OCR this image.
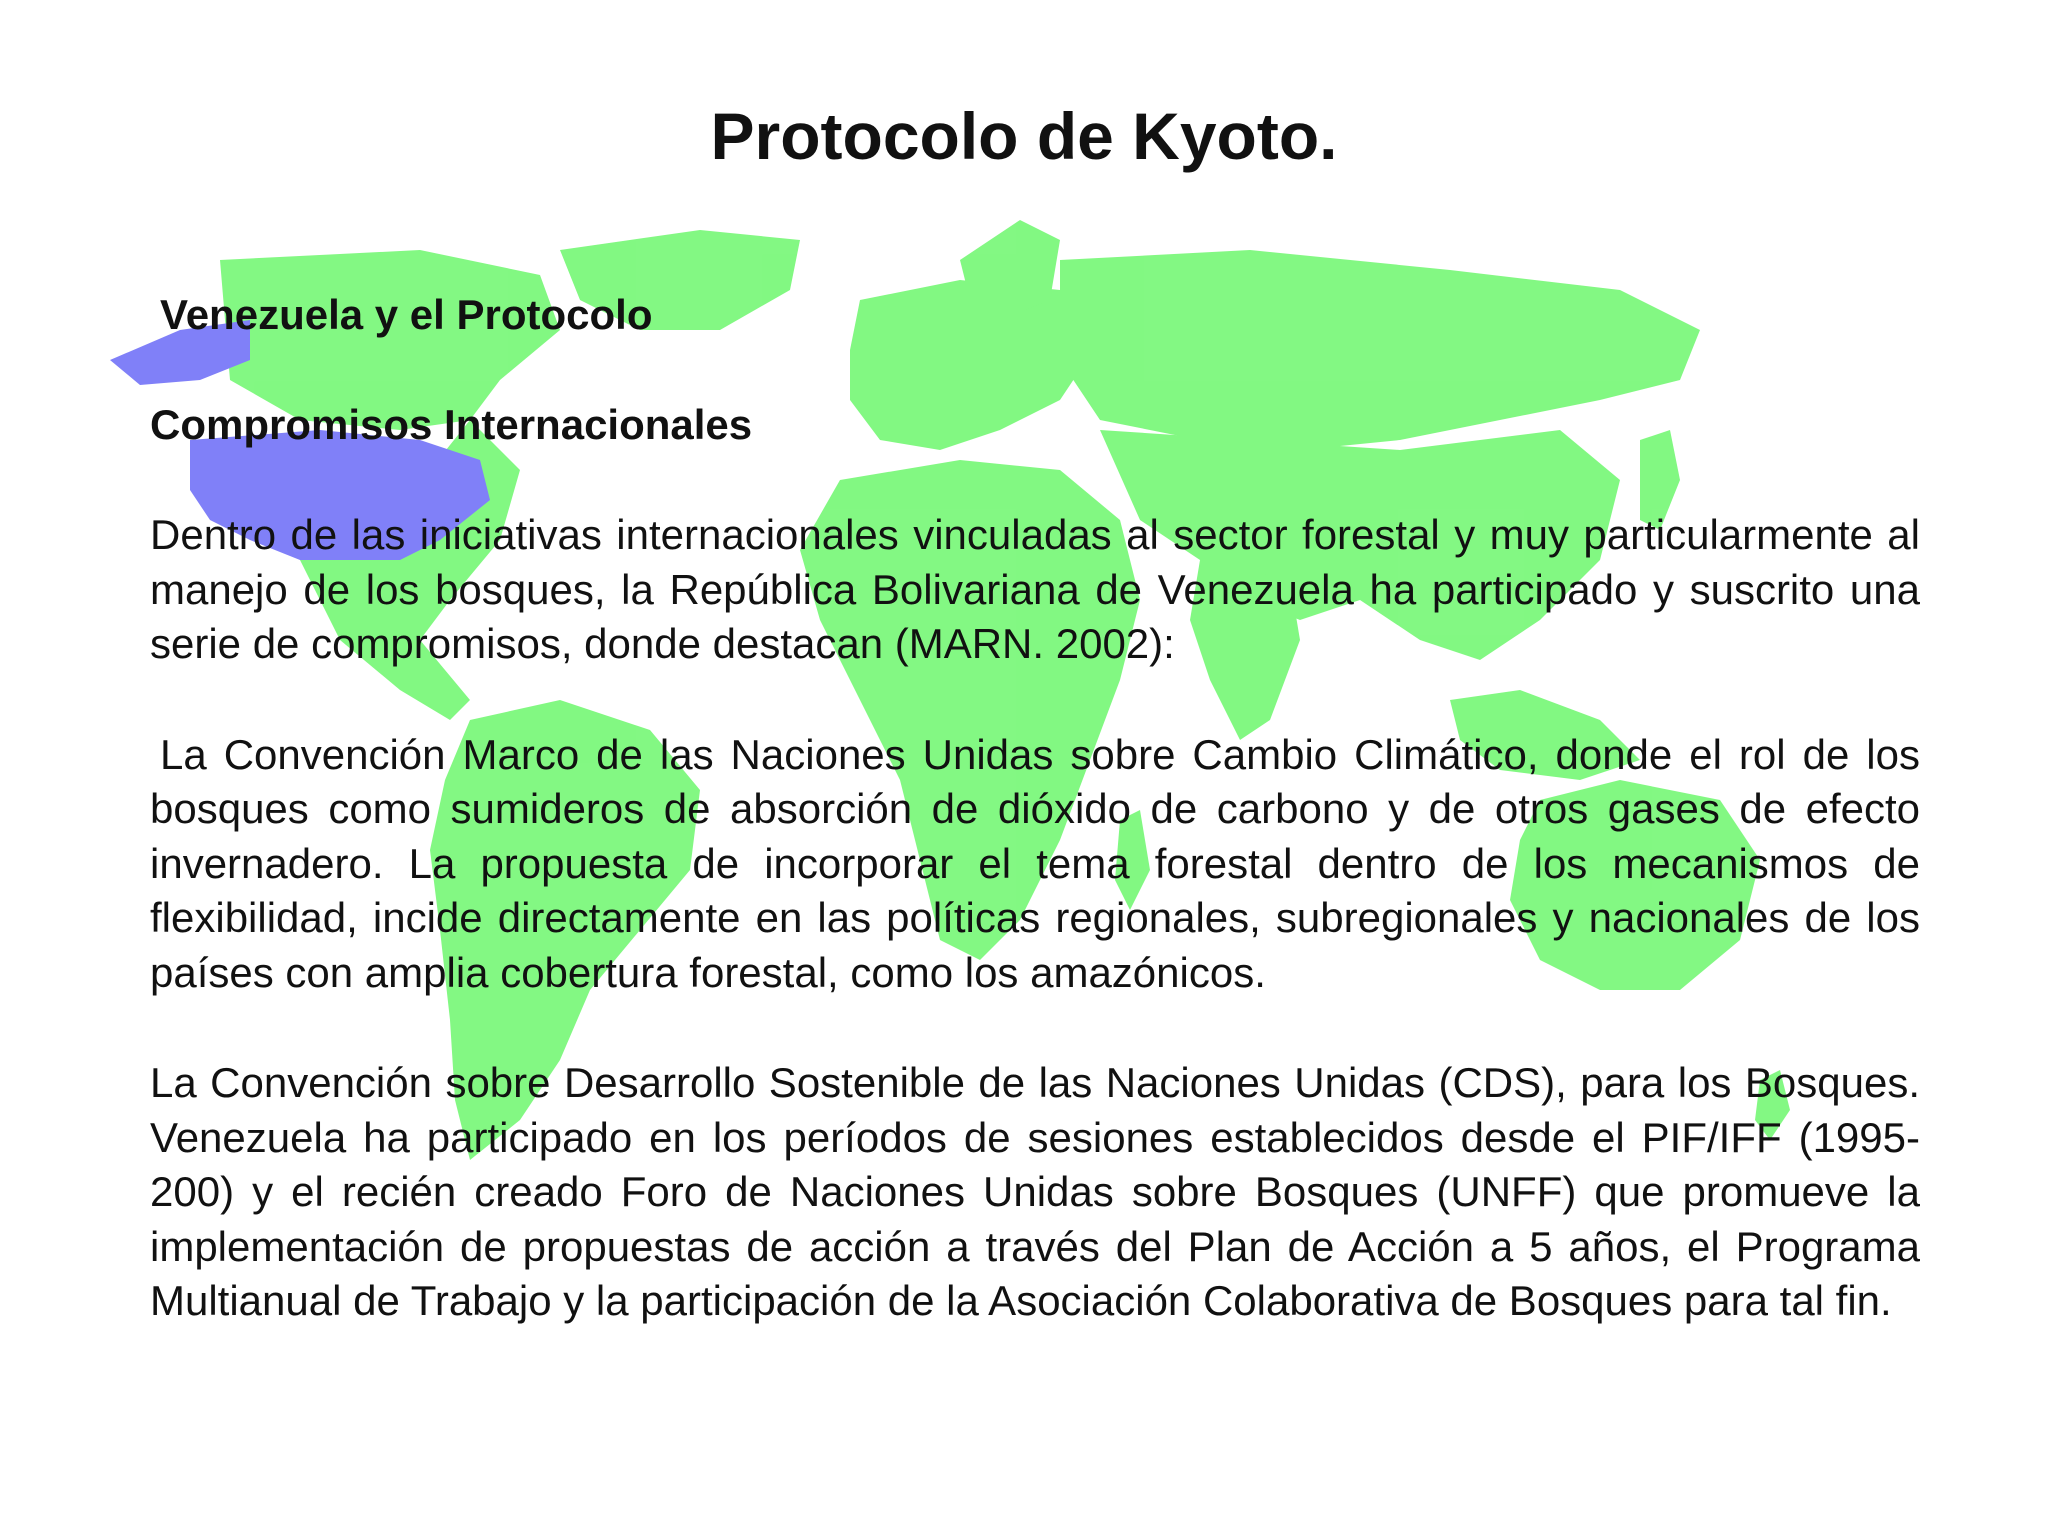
Protocolo de Kyoto.

Venezuela y el Protocolo

Compromisos Internacionales

Dentro de las iniciativas internacionales vinculadas al sector forestal y muy particularmente al manejo de los bosques, la República Bolivariana de Venezuela ha participado y suscrito una serie de compromisos, donde destacan (MARN. 2002):

La Convención Marco de las Naciones Unidas sobre Cambio Climático, donde el rol de los bosques como sumideros de absorción de dióxido de carbono y de otros gases de efecto invernadero. La propuesta de incorporar el tema forestal dentro de los mecanismos de flexibilidad, incide directamente en las políticas regionales, subregionales y nacionales de los países con amplia cobertura forestal, como los amazónicos.

La Convención sobre Desarrollo Sostenible de las Naciones Unidas (CDS), para los Bosques. Venezuela ha participado en los períodos de sesiones establecidos desde el PIF/IFF (1995-200) y el recién creado Foro de Naciones Unidas sobre Bosques (UNFF) que promueve la implementación de propuestas de acción a través del Plan de Acción a 5 años, el Programa Multianual de Trabajo y la participación de la Asociación Colaborativa de Bosques para tal fin.
